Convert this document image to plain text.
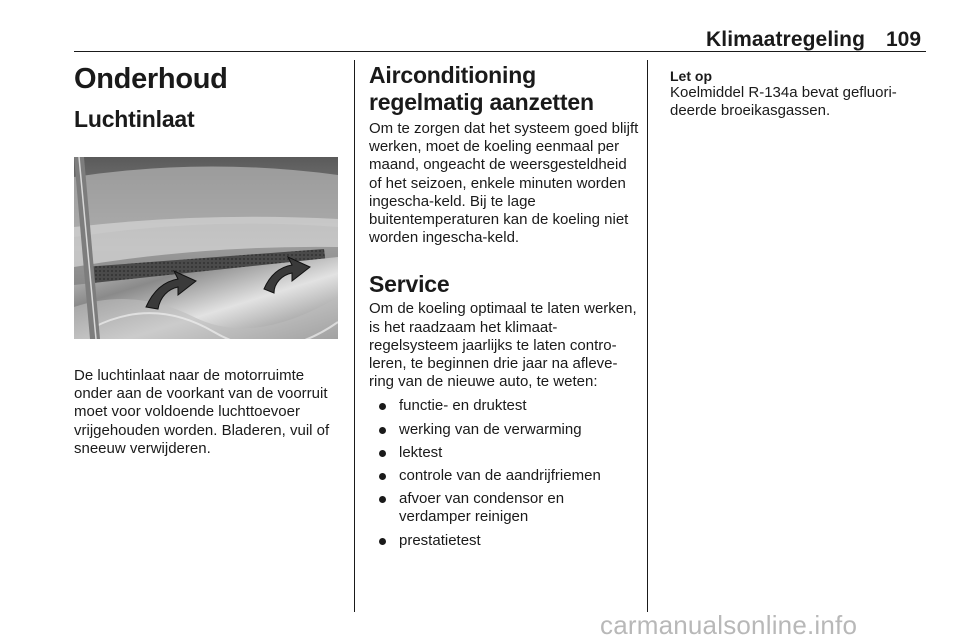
Klimaatregeling 109
Onderhoud
Luchtinlaat

De luchtinlaat naar de motorruimte onder aan de voorkant van de voorruit moet voor voldoende luchttoevoer vrijgehouden worden. Bladeren, vuil of sneeuw verwijderen.

Airconditioning regelmatig aanzetten

Om te zorgen dat het systeem goed blijft werken, moet de koeling eenmaal per maand, ongeacht de weersgesteldheid of het seizoen, enkele minuten worden ingescha-keld. Bij te lage buitentemperaturen kan de koeling niet worden ingescha-keld.

Service

Om de koeling optimaal te laten werken, is het raadzaam het klimaat-regelsysteem jaarlijks te laten contro-leren, te beginnen drie jaar na afleve-ring van de nieuwe auto, te weten:

functie- en druktest
werking van de verwarming
lektest
controle van de aandrijfriemen
afvoer van condensor en verdamper reinigen
prestatietest
Let op
Koelmiddel R-134a bevat gefluori-deerde broeikasgassen.
carmanualsonline.info
